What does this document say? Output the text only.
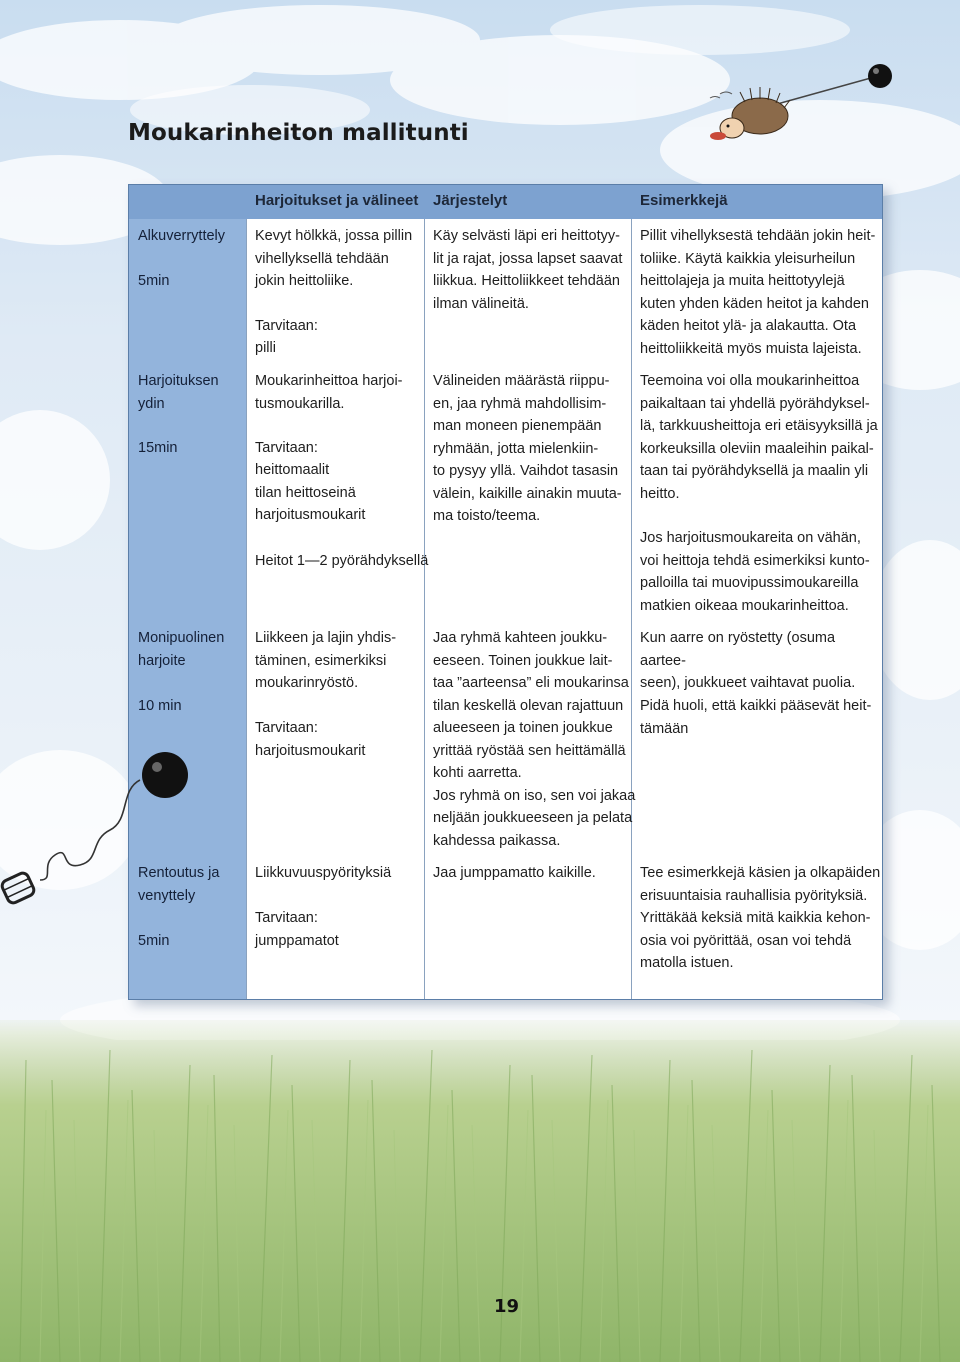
Moukarinheiton mallitunti
Harjoitukset ja välineet Järjestelyt	Esimerkkejä
Alkuverryttely
5min
Kevyt hölkkä, jossa pillin
vihellyksellä tehdään
jokin heittoliike.
Tarvitaan:
pilli
Käy selvästi läpi eri heittotyy-
lit ja rajat, jossa lapset saavat
liikkua. Heittoliikkeet tehdään
ilman välineitä.
Pillit vihellyksestä tehdään jokin heit-
toliike. Käytä kaikkia yleisurheilun
heittolajeja ja muita heittotyylejä
kuten yhden käden heitot ja kahden
käden heitot ylä- ja alakautta. Ota
heittoliikkeitä myös muista lajeista.
Harjoituksen
ydin
15min
Moukarinheittoa harjoi-
tusmoukarilla.
Tarvitaan:
heittomaalit
tilan heittoseinä
harjoitusmoukarit
Heitot 1—2 pyörähdyksellä
Välineiden määrästä riippu-
en, jaa ryhmä mahdollisim-
man moneen pienempään
ryhmään, jotta mielenkiin-
to pysyy yllä. Vaihdot tasasin
välein, kaikille ainakin muuta-
ma toisto/teema.
Teemoina voi olla moukarinheittoa
paikaltaan tai yhdellä pyörähdyksel-
lä, tarkkuusheittoja eri etäisyyksillä ja
korkeuksilla oleviin maaleihin paikal-
taan tai pyörähdyksellä ja maalin yli
heitto.
Jos harjoitusmoukareita on vähän,
voi heittoja tehdä esimerkiksi kunto-
palloilla tai muovipussimoukareilla
matkien oikeaa moukarinheittoa.
Monipuolinen
harjoite
10 min
Liikkeen ja lajin yhdis-
täminen, esimerkiksi
moukarinryöstö.
Tarvitaan:
harjoitusmoukarit
Jaa ryhmä kahteen joukku-
eeseen. Toinen joukkue lait-
taa ”aarteensa” eli moukarinsa
tilan keskellä olevan rajattuun
alueeseen ja toinen joukkue
yrittää ryöstää sen heittämällä
kohti aarretta.
Jos ryhmä on iso, sen voi jakaa
neljään joukkueeseen ja pelata
kahdessa paikassa.
Kun aarre on ryöstetty (osuma aartee-
seen), joukkueet vaihtavat puolia.
Pidä huoli, että kaikki pääsevät heit-
tämään
Rentoutus ja
venyttely
5min
Liikkuvuuspyörityksiä
Tarvitaan:
jumppamatot
Jaa jumppamatto kaikille.	Tee esimerkkejä käsien ja olkapäiden
erisuuntaisia rauhallisia pyörityksiä.
Yrittäkää keksiä mitä kaikkia kehon-
osia voi pyörittää, osan voi tehdä
matolla istuen.
19
